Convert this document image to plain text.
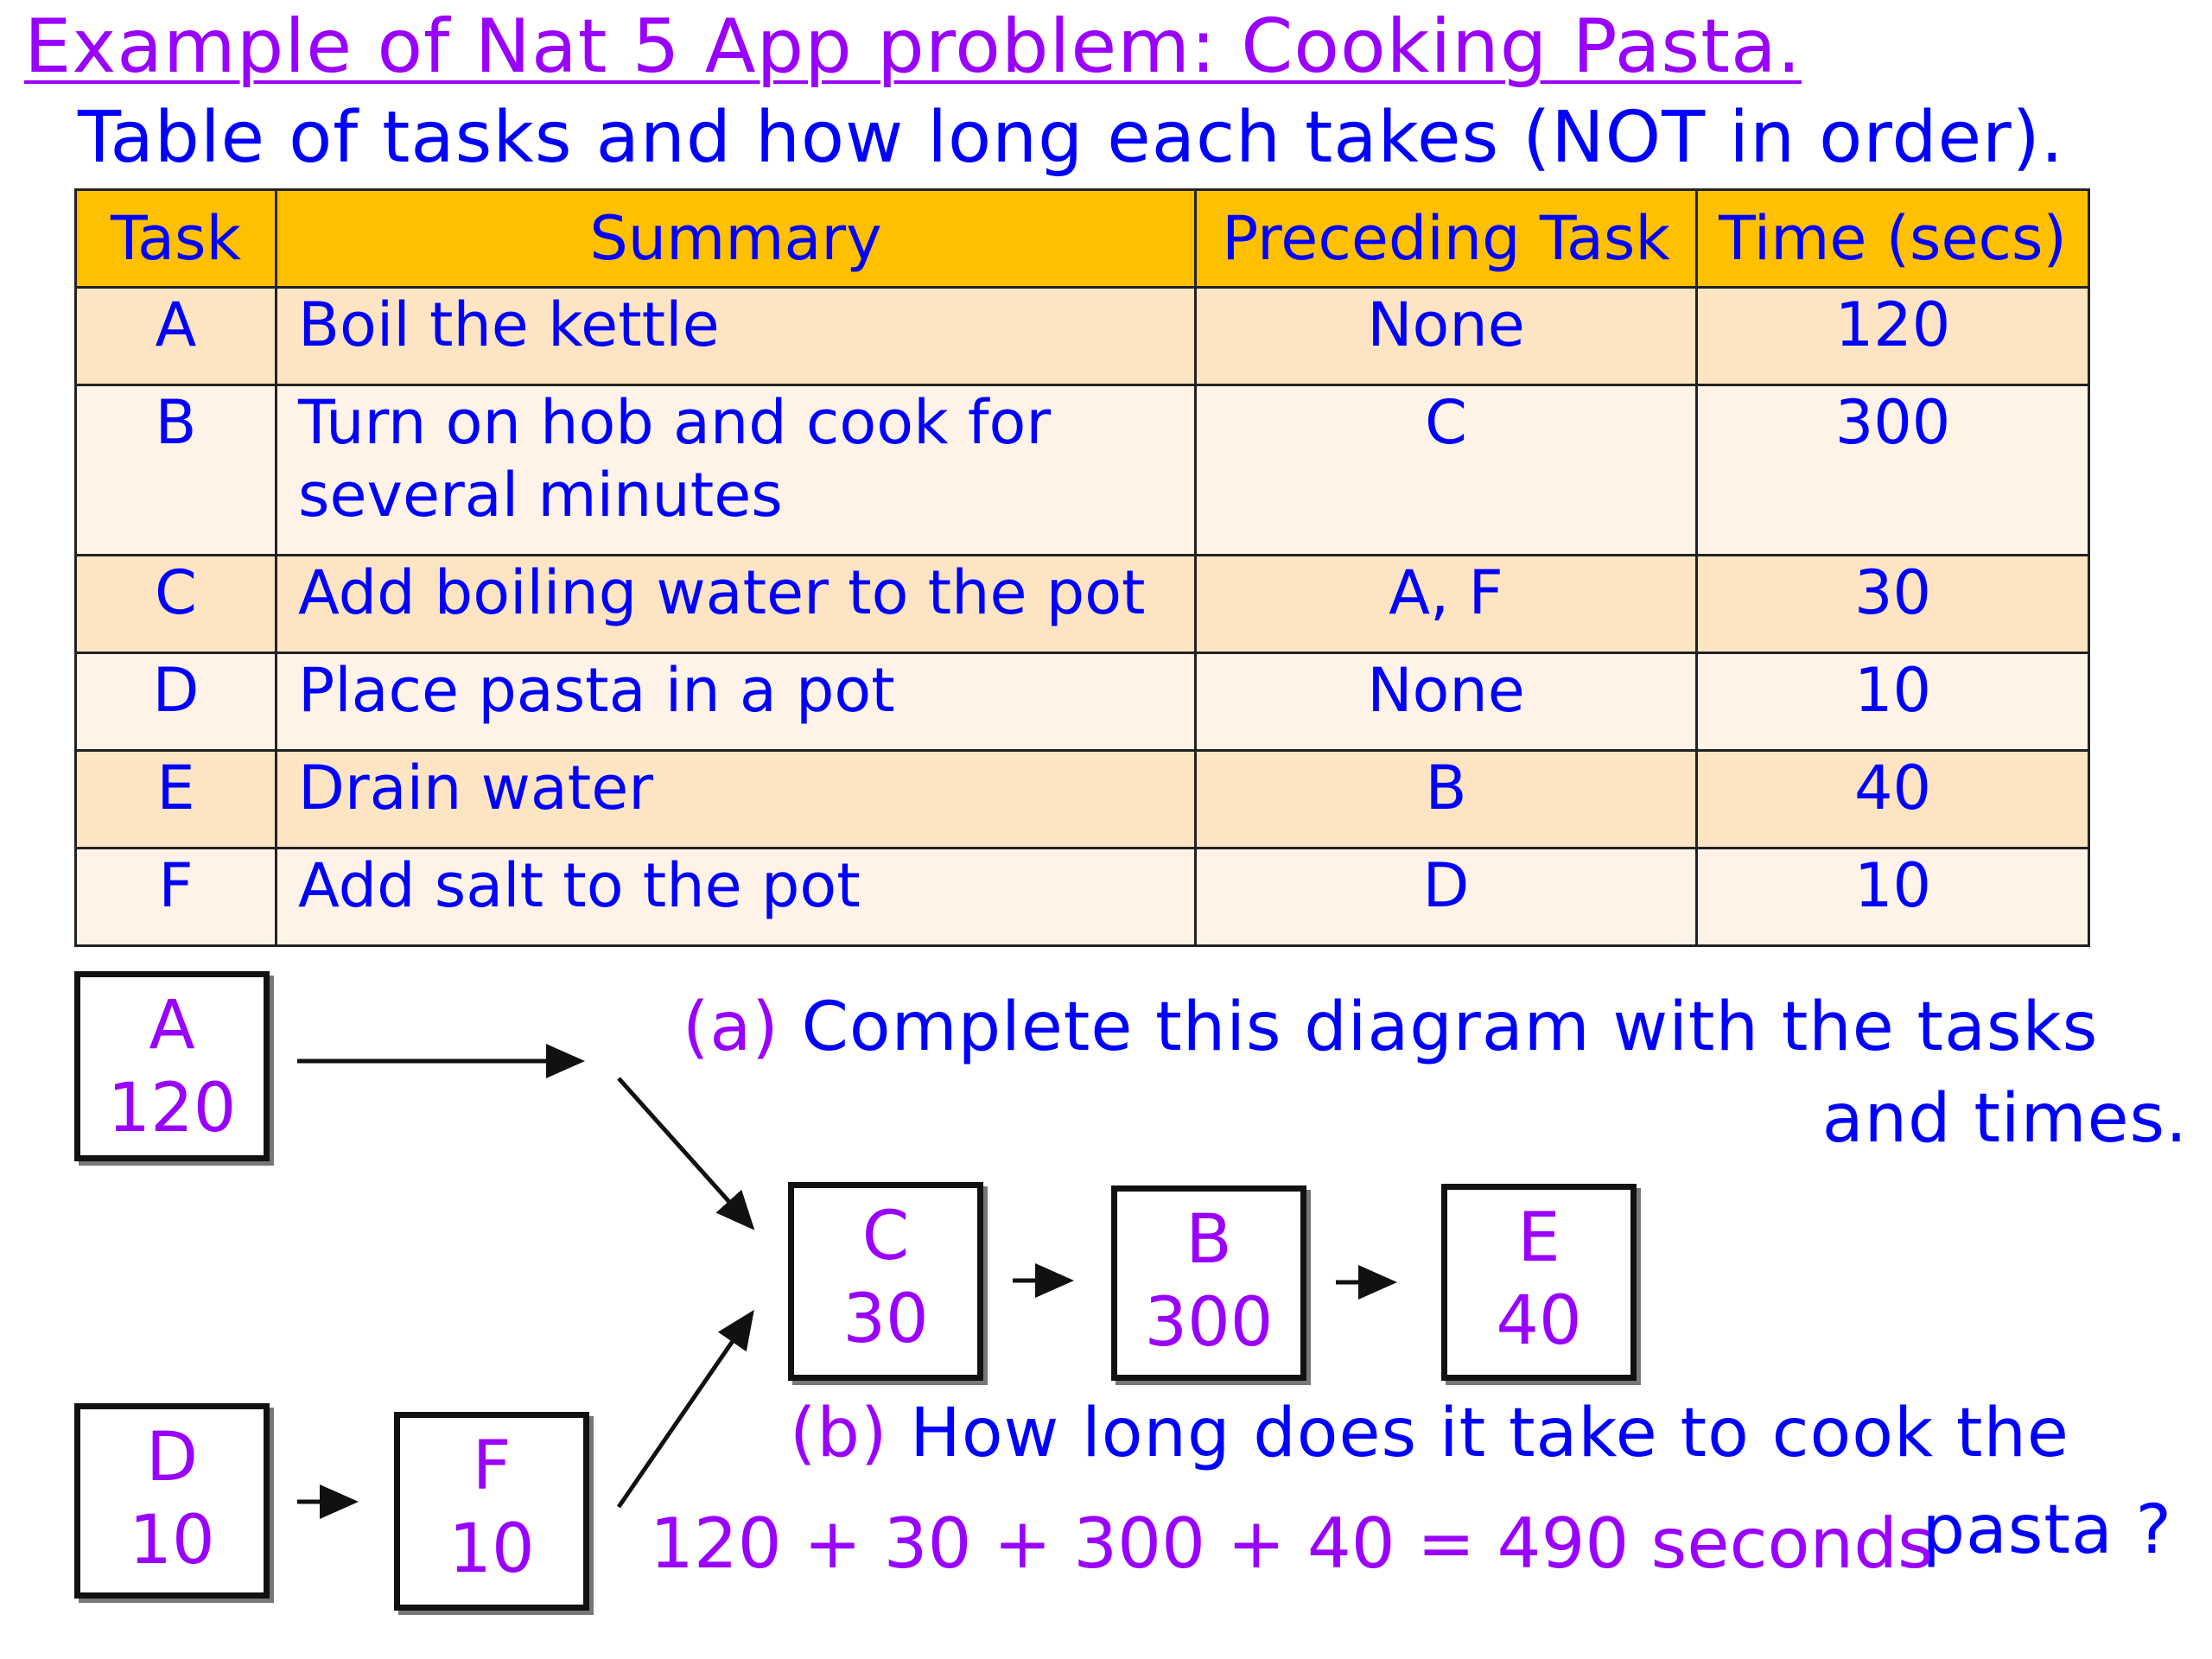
Example of Nat 5 App problem: Cooking Pasta.
Table of tasks and how long each takes (NOT in order).
Task	Summary	Preceding Task	Time (secs)
A	Boil the kettle	None	120
B	Turn on hob and cook for several minutes	C	300
C	Add boiling water to the pot	A, F	30
D	Place pasta in a pot	None	10
E	Drain water	B	40
F	Add salt to the pot	D	10
A
120
C
30
B
300
E
40
D
10
F
10
(a) Complete this diagram with the tasks
and times.
(b) How long does it take to cook the
pasta ?
120 + 30 + 300 + 40 = 490 seconds
